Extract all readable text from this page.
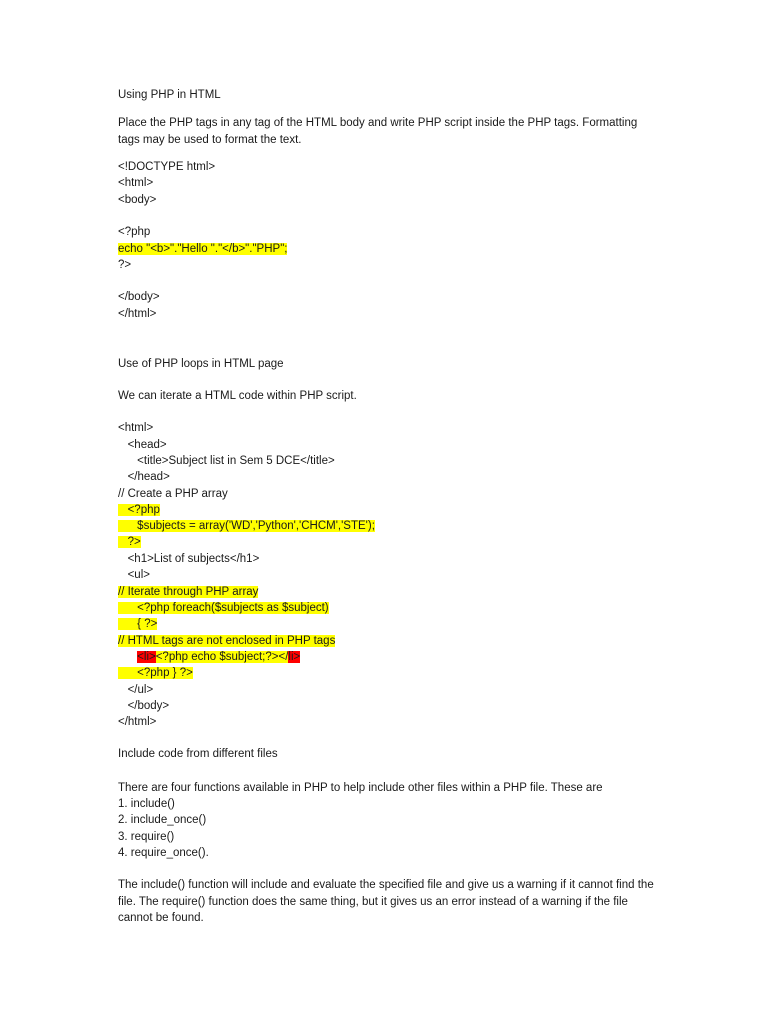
Using PHP in HTML
Place the PHP tags in any tag of the HTML body and write PHP script inside the PHP tags. Formatting tags may be used to format the text.
<!DOCTYPE html>
<html>
<body>
<?php
echo "<b>"."Hello "."</b>"."PHP";
?>
</body>
</html>
Use of PHP loops in HTML page
We can iterate a HTML code within PHP script.
<html>
<head>
<title>Subject list in Sem 5 DCE</title>
</head>
// Create a PHP array
<?php
$subjects = array('WD','Python','CHCM','STE');
?>
<h1>List of subjects</h1>
<ul>
// Iterate through PHP array
<?php foreach($subjects as $subject)
{ ?>
// HTML tags are not enclosed in PHP tags
<li><?php echo $subject;?></li>
<?php } ?>
</ul>
</body>
</html>
Include code from different files
There are four functions available in PHP to help include other files within a PHP file. These are
1. include()
2. include_once()
3. require()
4. require_once().
The include() function will include and evaluate the specified file and give us a warning if it cannot find the file. The require() function does the same thing, but it gives us an error instead of a warning if the file cannot be found.
